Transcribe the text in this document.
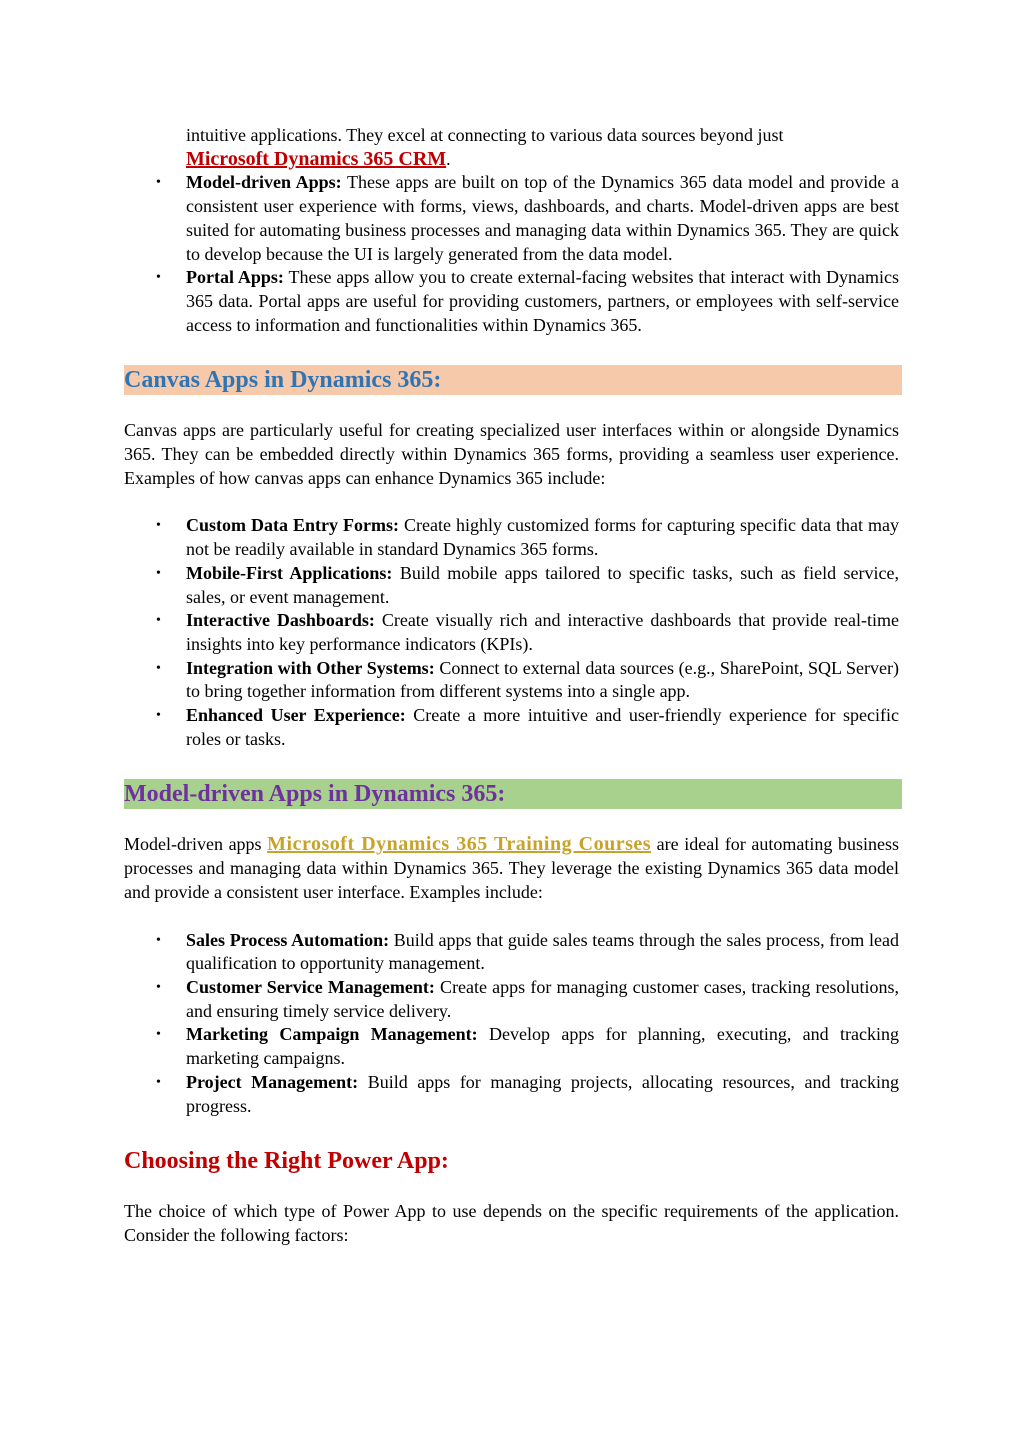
intuitive applications. They excel at connecting to various data sources beyond just
Microsoft Dynamics 365 CRM.
• Model-driven Apps: These apps are built on top of the Dynamics 365 data model and provide a consistent user experience with forms, views, dashboards, and charts. Model-driven apps are best suited for automating business processes and managing data within Dynamics 365. They are quick to develop because the UI is largely generated from the data model.
• Portal Apps: These apps allow you to create external-facing websites that interact with Dynamics 365 data. Portal apps are useful for providing customers, partners, or employees with self-service access to information and functionalities within Dynamics 365.
Canvas Apps in Dynamics 365:

Canvas apps are particularly useful for creating specialized user interfaces within or alongside Dynamics 365. They can be embedded directly within Dynamics 365 forms, providing a seamless user experience. Examples of how canvas apps can enhance Dynamics 365 include:

• Custom Data Entry Forms: Create highly customized forms for capturing specific data that may not be readily available in standard Dynamics 365 forms.
• Mobile-First Applications: Build mobile apps tailored to specific tasks, such as field service, sales, or event management.
• Interactive Dashboards: Create visually rich and interactive dashboards that provide real-time insights into key performance indicators (KPIs).
• Integration with Other Systems: Connect to external data sources (e.g., SharePoint, SQL Server) to bring together information from different systems into a single app.
• Enhanced User Experience: Create a more intuitive and user-friendly experience for specific roles or tasks.
Model-driven Apps in Dynamics 365:

Model-driven apps Microsoft Dynamics 365 Training Courses are ideal for automating business processes and managing data within Dynamics 365. They leverage the existing Dynamics 365 data model and provide a consistent user interface. Examples include:

• Sales Process Automation: Build apps that guide sales teams through the sales process, from lead qualification to opportunity management.
• Customer Service Management: Create apps for managing customer cases, tracking resolutions, and ensuring timely service delivery.
• Marketing Campaign Management: Develop apps for planning, executing, and tracking marketing campaigns.
• Project Management: Build apps for managing projects, allocating resources, and tracking progress.
Choosing the Right Power App:

The choice of which type of Power App to use depends on the specific requirements of the application. Consider the following factors:
